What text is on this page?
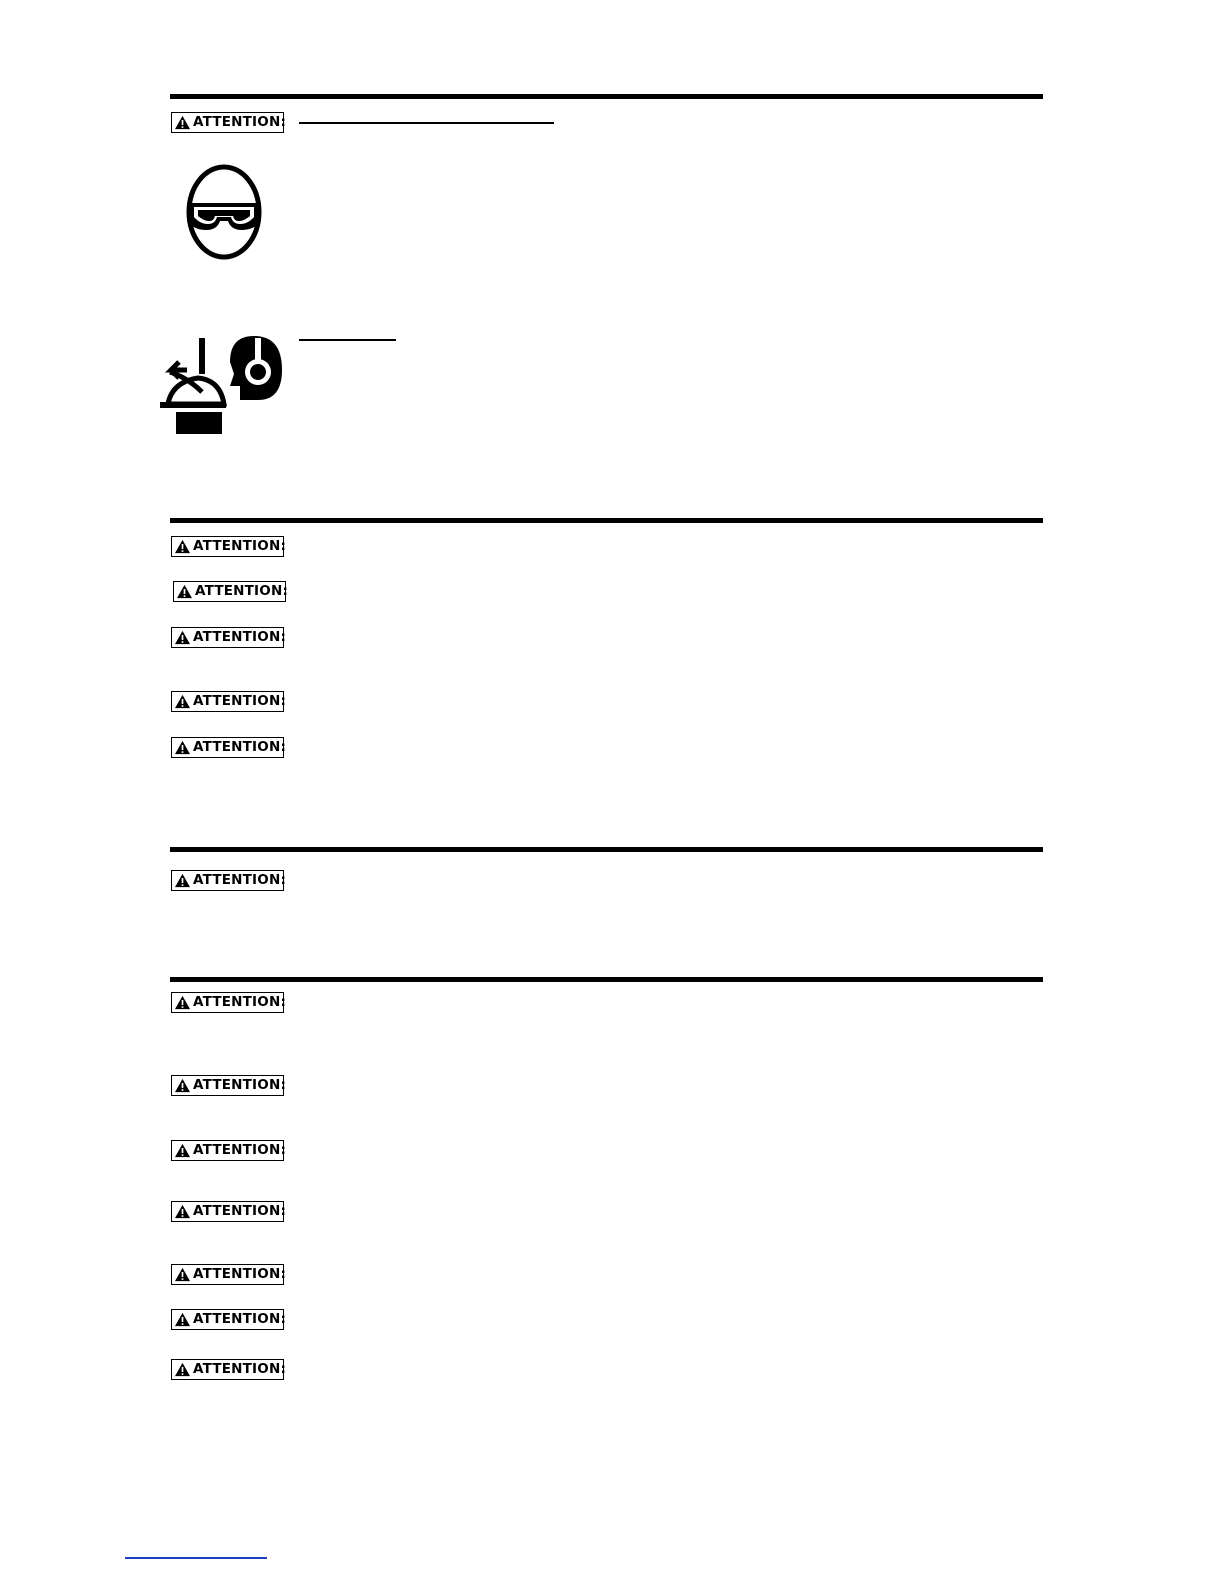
ATTENTION:
ATTENTION:
ATTENTION:
ATTENTION:
ATTENTION:
ATTENTION:
ATTENTION:
ATTENTION:
ATTENTION:
ATTENTION:
ATTENTION:
ATTENTION:
ATTENTION:
ATTENTION:
